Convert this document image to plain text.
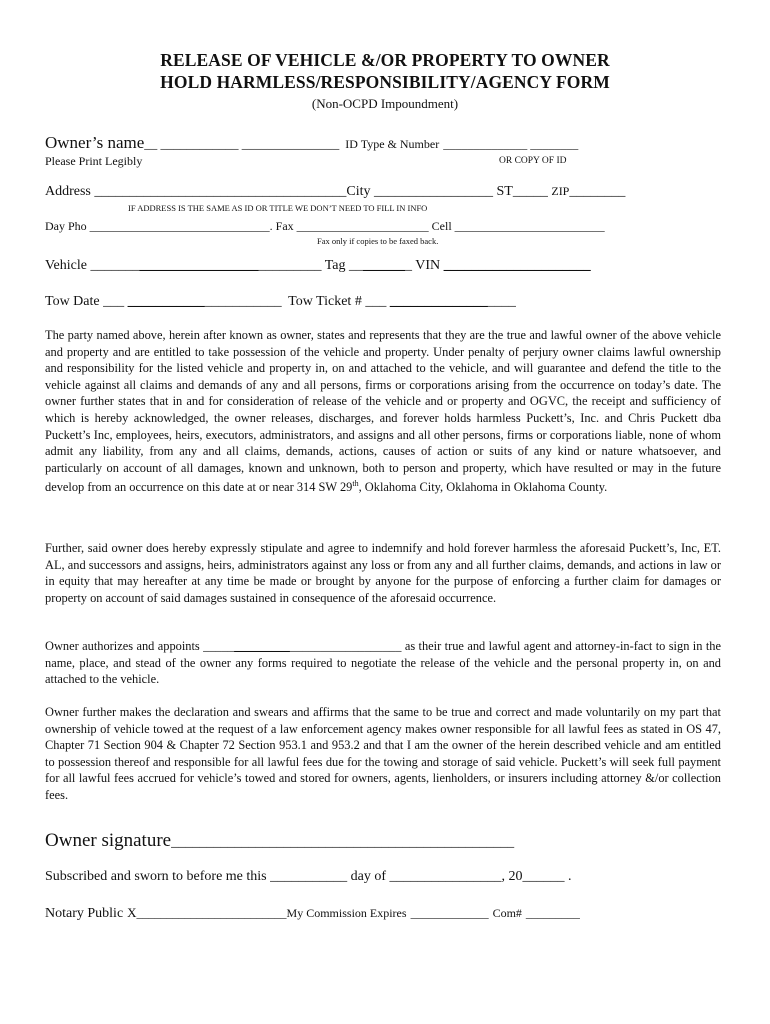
RELEASE OF VEHICLE &/OR PROPERTY TO OWNER
HOLD HARMLESS/RESPONSIBILITY/AGENCY FORM
(Non-OCPD Impoundment)
Owner’s name__ ____________ _______________ ID Type & Number ______________ ________
Please Print Legibly	OR COPY OF ID
Address ____________________________________City _________________ ST_____ ZIP________
IF ADDRESS IS THE SAME AS ID OR TITLE WE DON’T NEED TO FILL IN INFO
Day Pho ______________________________. Fax ______________________ Cell _________________________
Fax only if copies to be faxed back.
Vehicle _________________________________ Tag _________ VIN _____________________
Tow Date ___ ______________________ Tow Ticket # ___ __________________
The party named above, herein after known as owner, states and represents that they are the true and lawful owner of the above vehicle and property and are entitled to take possession of the vehicle and property. Under penalty of perjury owner claims lawful ownership and responsibility for the listed vehicle and property in, on and attached to the vehicle, and will guarantee and defend the title to the vehicle against all claims and demands of any and all persons, firms or corporations arising from the occurrence on today’s date. The owner further states that in and for consideration of release of the vehicle and or property and OGVC, the receipt and sufficiency of which is hereby acknowledged, the owner releases, discharges, and forever holds harmless Puckett’s, Inc. and Chris Puckett dba Puckett’s Inc, employees, heirs, executors, administrators, and assigns and all other persons, firms or corporations liable, none of whom admit any liability, from any and all claims, demands, actions, causes of action or suits of any kind or nature whatsoever, and particularly on account of all damages, known and unknown, both to person and property, which have resulted or may in the future develop from an occurrence on this date at or near 314 SW 29th, Oklahoma City, Oklahoma in Oklahoma County.
Further, said owner does hereby expressly stipulate and agree to indemnify and hold forever harmless the aforesaid Puckett’s, Inc, ET. AL, and successors and assigns, heirs, administrators against any loss or from any and all further claims, demands, and actions in law or in equity that may hereafter at any time be made or brought by anyone for the purpose of enforcing a further claim for damages or property on account of said damages sustained in consequence of the aforesaid occurrence.
Owner authorizes and appoints ________________________________ as their true and lawful agent and attorney-in-fact to sign in the name, place, and stead of the owner any forms required to negotiate the release of the vehicle and the personal property in, on and attached to the vehicle.
Owner further makes the declaration and swears and affirms that the same to be true and correct and made voluntarily on my part that ownership of vehicle towed at the request of a law enforcement agency makes owner responsible for all lawful fees as stated in OS 47, Chapter 71 Section 904 & Chapter 72 Section 953.1 and 953.2 and that I am the owner of the herein described vehicle and am entitled to possession thereof and responsible for all lawful fees due for the towing and storage of said vehicle. Puckett’s will seek full payment for all lawful fees accrued for vehicle’s towed and stored for owners, agents, lienholders, or insurers including attorney &/or collection fees.
Owner signature_________________________________________________
Subscribed and sworn to before me this ___________ day of ________________, 20______ .
Notary Public X_________________________My Commission Expires _____________ Com# _________
